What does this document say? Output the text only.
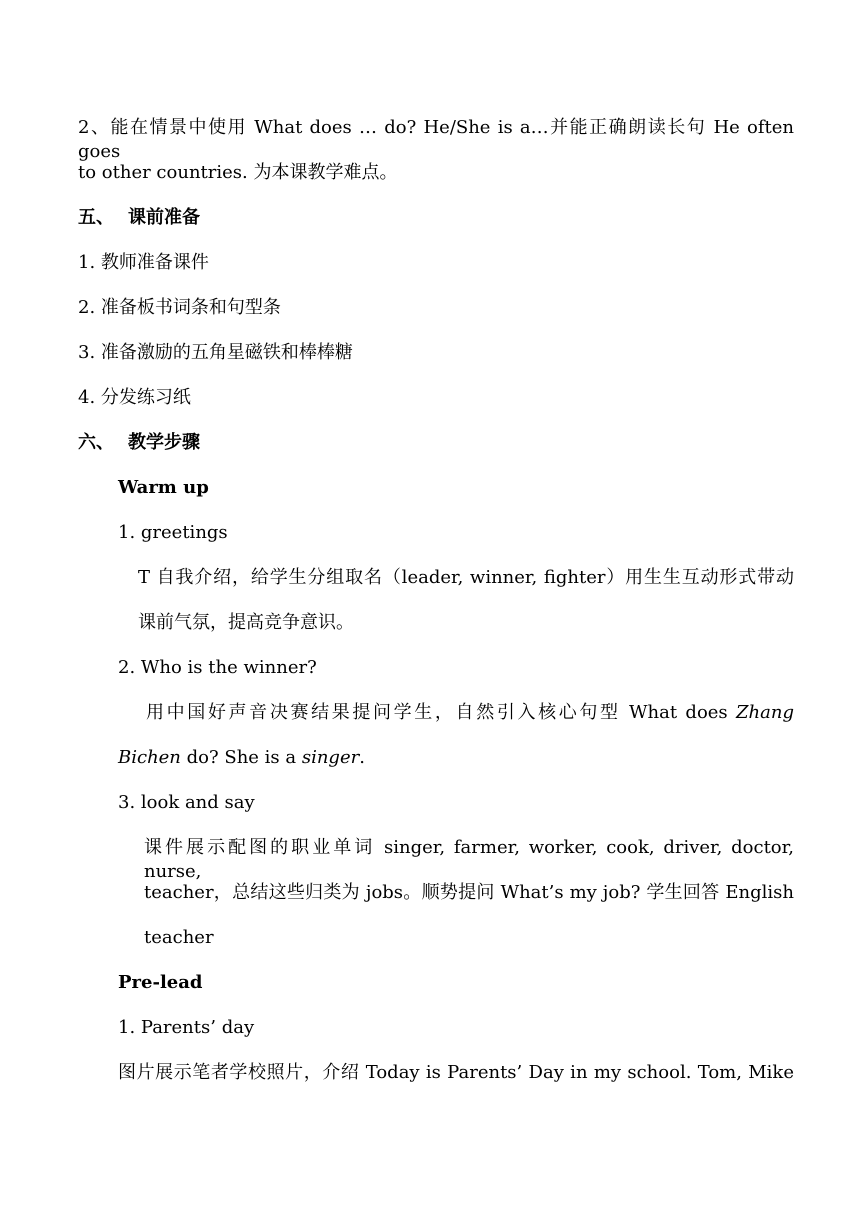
2、能在情景中使用 What does … do? He/She is a…并能正确朗读长句 He often goes
to other countries. 为本课教学难点。
五、 课前准备
1. 教师准备课件
2. 准备板书词条和句型条
3. 准备激励的五角星磁铁和棒棒糖
4. 分发练习纸
六、 教学步骤
Warm up
1. greetings
T 自我介绍，给学生分组取名（leader, winner, fighter）用生生互动形式带动
课前气氛，提高竞争意识。
2. Who is the winner?
用中国好声音决赛结果提问学生，自然引入核心句型 What does Zhang
Bichen do? She is a singer.
3. look and say
课件展示配图的职业单词 singer, farmer, worker, cook, driver, doctor, nurse,
teacher，总结这些归类为 jobs。顺势提问 What’s my job? 学生回答 English
teacher
Pre-lead
1. Parents’ day
图片展示笔者学校照片，介绍 Today is Parents’ Day in my school. Tom, Mike
